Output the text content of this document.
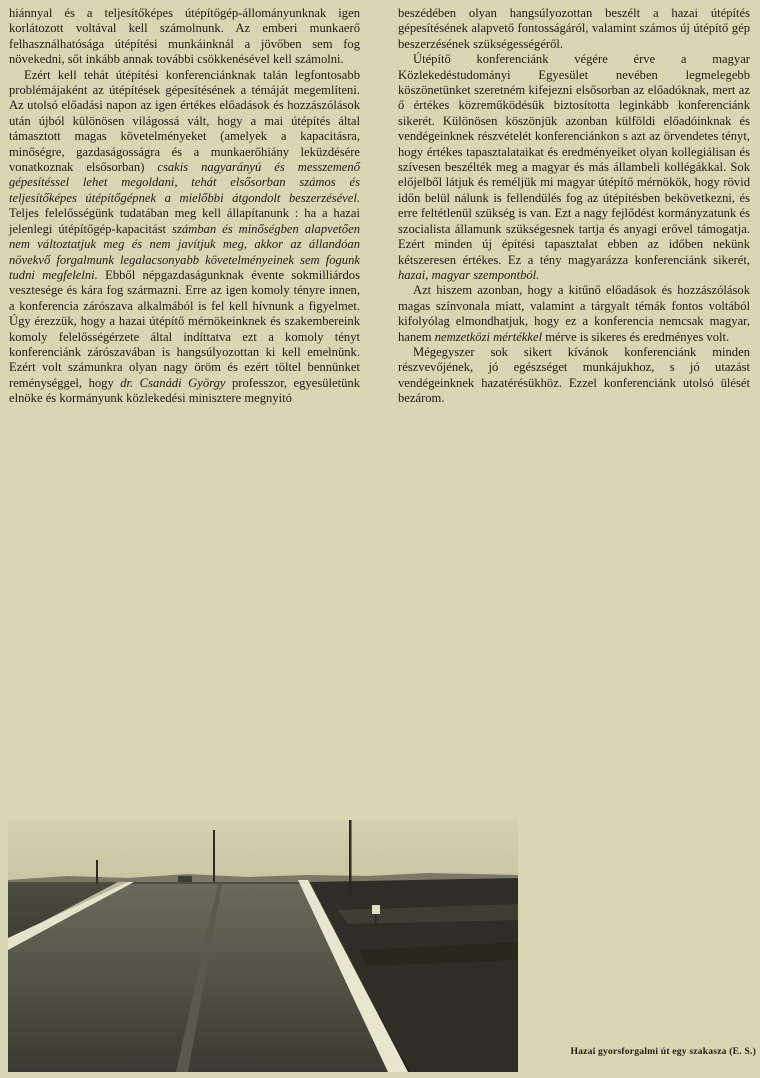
hiánnyal és a teljesítőképes útépítőgép-állományunknak igen korlátozott voltával kell számolnunk. Az emberi munkaerő felhasználhatósága útépítési munkáinknál a jövőben sem fog növekedni, sőt inkább annak további csökkenésével kell számolni.

Ezért kell tehát útépítési konferenciánknak talán legfontosabb problémájaként az útépítések gépesítésének a témáját megemlíteni. Az utolsó előadási napon az igen értékes előadások és hozzászólások után újból különösen világossá vált, hogy a mai útépítés által támasztott magas követelményeket (amelyek a kapacitásra, minőségre, gazdaságosságra és a munkaerőhiány leküzdésére vonatkoznak elsősorban) csakis nagyarányú és messzemenő gépesítéssel lehet megoldani, tehát elsősorban számos és teljesítőképes útépítőgépnek a mielőbbi átgondolt beszerzésével. Teljes felelősségünk tudatában meg kell állapítanunk : ha a hazai jelenlegi útépítőgép-kapacitást számban és minőségben alapvetően nem változtatjuk meg és nem javítjuk meg, akkor az állandóan növekvő forgalmunk legalacsonyabb követelményeinek sem fogunk tudni megfelelni. Ebből népgazdaságunknak évente sokmilliárdos vesztesége és kára fog származni. Erre az igen komoly tényre innen, a konferencia zárószava alkalmából is fel kell hívnunk a figyelmet. Úgy érezzük, hogy a hazai útépítő mérnökeinknek és szakembereink komoly felelősségérzete által indíttatva ezt a komoly tényt konferenciánk zárószavában is hangsúlyozottan ki kell emelnünk. Ezért volt számunkra olyan nagy öröm és ezért töltel bennünket reménységgel, hogy dr. Csanádi György professzor, egyesületünk elnöke és kormányunk közlekedési minisztere megnyitó

beszédében olyan hangsúlyozottan beszélt a hazai útépítés gépesítésének alapvető fontosságáról, valamint számos új útépítő gép beszerzésének szükségességéről.

Útépítő konferenciánk végére érve a magyar Közlekedéstudományi Egyesület nevében legmelegebb köszönetünket szeretném kifejezni elsősorban az előadóknak, mert az ő értékes közreműködésük biztosította leginkább konferenciánk sikerét. Különösen köszönjük azonban külföldi előadóinknak és vendégeinknek részvételét konferenciánkon s azt az örvendetes tényt, hogy értékes tapasztalataikat és eredményeiket olyan kollegiálisan és szívesen beszélték meg a magyar és más állambeli kollégákkal. Sok előjelből látjuk és reméljük mi magyar útépítő mérnökök, hogy rövid időn belül nálunk is fellendülés fog az útépítésben bekövetkezni, és erre feltétlenül szükség is van. Ezt a nagy fejlődést kormányzatunk és szocialista államunk szükségesnek tartja és anyagi erővel támogatja. Ezért minden új építési tapasztalat ebben az időben nekünk kétszeresen értékes. Ez a tény magyarázza konferenciánk sikerét, hazai, magyar szempontból.

Azt hiszem azonban, hogy a kitűnő előadások és hozzászólások magas színvonala miatt, valamint a tárgyalt témák fontos voltából kifolyólag elmondhatjuk, hogy ez a konferencia nemcsak magyar, hanem nemzetközi mértékkel mérve is sikeres és eredményes volt.

Mégegyszer sok sikert kívánok konferenciánk minden részvevőjének, jó egészséget munkájukhoz, s jó utazást vendégeinknek hazatérésükhöz. Ezzel konferenciánk utolsó ülését bezárom.

Hazai gyorsforgalmi út egy szakasza (E. S.)
